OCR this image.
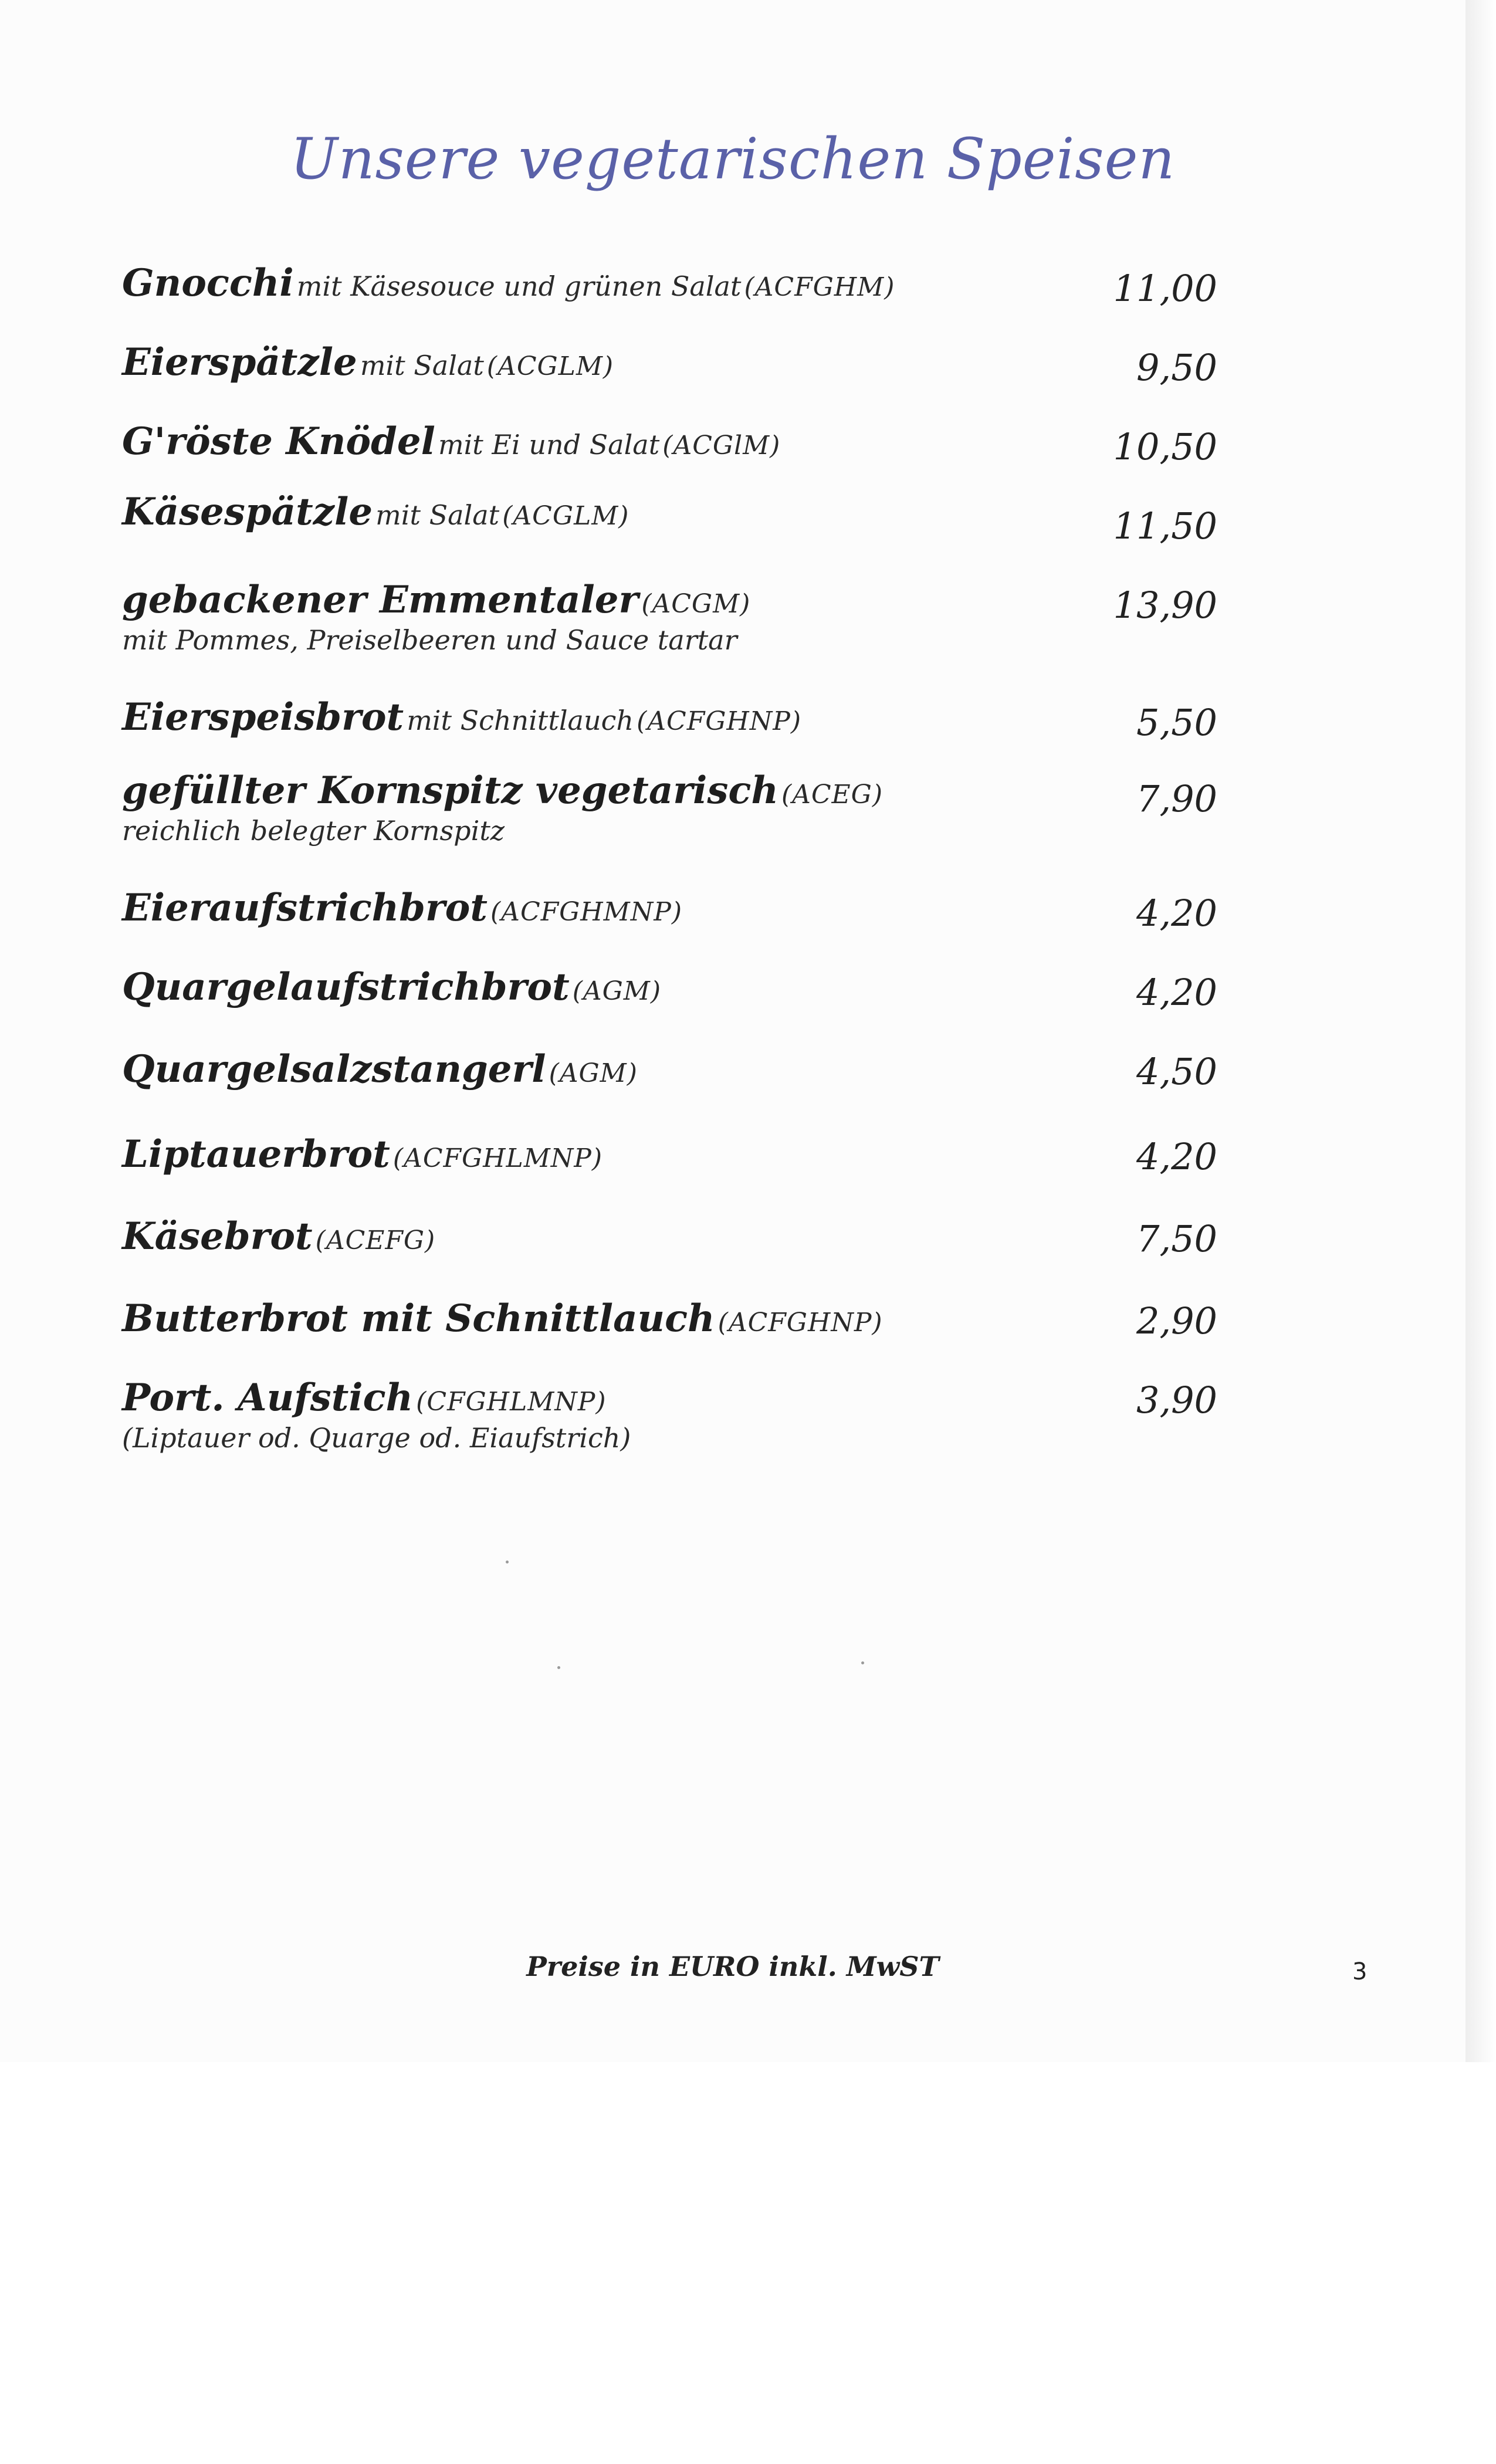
Unsere vegetarischen Speisen
Gnocchi mit Käsesouce und grünen Salat (ACFGHM)
Eierspätzle mit Salat (ACGLM)
G'röste Knödel mit Ei und Salat (ACGlM)
Käsespätzle mit Salat (ACGLM)
gebackener Emmentaler (ACGM)
mit Pommes, Preiselbeeren und Sauce tartar
Eierspeisbrot mit Schnittlauch (ACFGHNP)
gefüllter Kornspitz vegetarisch (ACEG)
reichlich belegter Kornspitz
Eieraufstrichbrot (ACFGHMNP)
Quargelaufstrichbrot (AGM)
Quargelsalzstangerl (AGM)
Liptauerbrot (ACFGHLMNP)
Käsebrot (ACEFG)
Butterbrot mit Schnittlauch (ACFGHNP)
Port. Aufstich (CFGHLMNP)
(Liptauer od. Quarge od. Eiaufstrich)
11,00
9,50
10,50
11,50
13,90
5,50
7,90
4,20
4,20
4,50
4,20
7,50
2,90
3,90
Preise in EURO inkl. MwST	3
